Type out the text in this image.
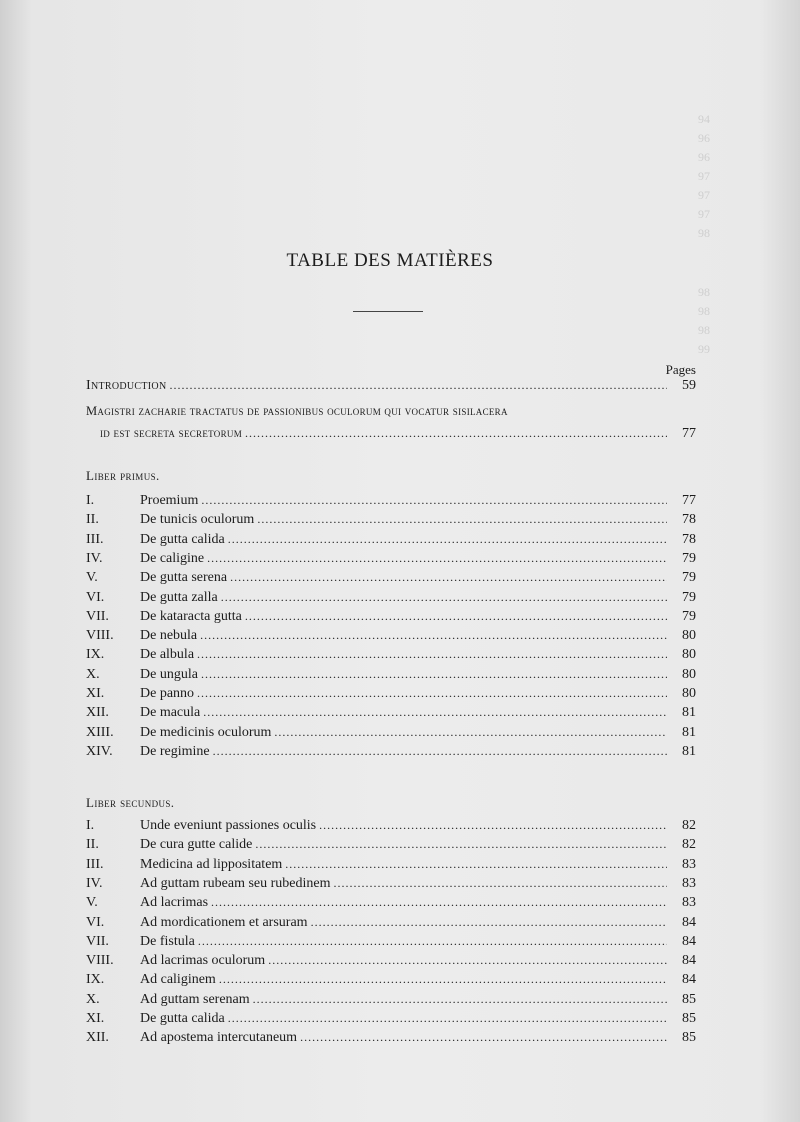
94
96
96
97
97
97
98
98
98
98
99
TABLE DES MATIÈRES
Pages
Introduction . . .	59
Magistri zacharie tractatus de passionibus oculorum qui vocatur sisilacera
id est secreta secretorum . . .	77
Liber primus.
I.	Proemium . . .	77
II.	De tunicis oculorum . . .	78
III.	De gutta calida . . .	78
IV.	De caligine . . .	79
V.	De gutta serena . . .	79
VI.	De gutta zalla . . .	79
VII.	De kataracta gutta . . .	79
VIII.	De nebula . . .	80
IX.	De albula . . .	80
X.	De ungula . . .	80
XI.	De panno . . .	80
XII.	De macula . . .	81
XIII.	De medicinis oculorum . . .	81
XIV.	De regimine . . .	81
Liber secundus.
I.	Unde eveniunt passiones oculis . . .	82
II.	De cura gutte calide . . .	82
III.	Medicina ad lippositatem . . .	83
IV.	Ad guttam rubeam seu rubedinem . . .	83
V.	Ad lacrimas . . .	83
VI.	Ad mordicationem et arsuram . . .	84
VII.	De fistula . . .	84
VIII.	Ad lacrimas oculorum . . .	84
IX.	Ad caliginem . . .	84
X.	Ad guttam serenam . . .	85
XI.	De gutta calida . . .	85
XII.	Ad apostema intercutaneum . . .	85
